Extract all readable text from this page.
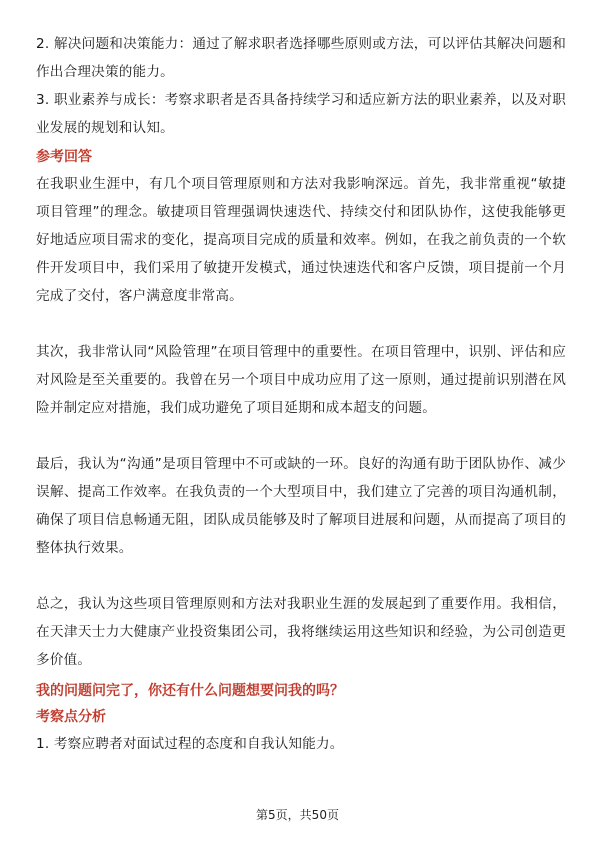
2. 解决问题和决策能力：通过了解求职者选择哪些原则或方法，可以评估其解决问题和作出合理决策的能力。

3. 职业素养与成长：考察求职者是否具备持续学习和适应新方法的职业素养，以及对职业发展的规划和认知。

参考回答

在我职业生涯中，有几个项目管理原则和方法对我影响深远。首先，我非常重视“敏捷项目管理”的理念。敏捷项目管理强调快速迭代、持续交付和团队协作，这使我能够更好地适应项目需求的变化，提高项目完成的质量和效率。例如，在我之前负责的一个软件开发项目中，我们采用了敏捷开发模式，通过快速迭代和客户反馈，项目提前一个月完成了交付，客户满意度非常高。

其次，我非常认同“风险管理”在项目管理中的重要性。在项目管理中，识别、评估和应对风险是至关重要的。我曾在另一个项目中成功应用了这一原则，通过提前识别潜在风险并制定应对措施，我们成功避免了项目延期和成本超支的问题。

最后，我认为“沟通”是项目管理中不可或缺的一环。良好的沟通有助于团队协作、减少误解、提高工作效率。在我负责的一个大型项目中，我们建立了完善的项目沟通机制，确保了项目信息畅通无阻，团队成员能够及时了解项目进展和问题，从而提高了项目的整体执行效果。

总之，我认为这些项目管理原则和方法对我职业生涯的发展起到了重要作用。我相信，在天津天士力大健康产业投资集团公司，我将继续运用这些知识和经验，为公司创造更多价值。

我的问题问完了，你还有什么问题想要问我的吗？

考察点分析

1. 考察应聘者对面试过程的态度和自我认知能力。

第5页，共50页
